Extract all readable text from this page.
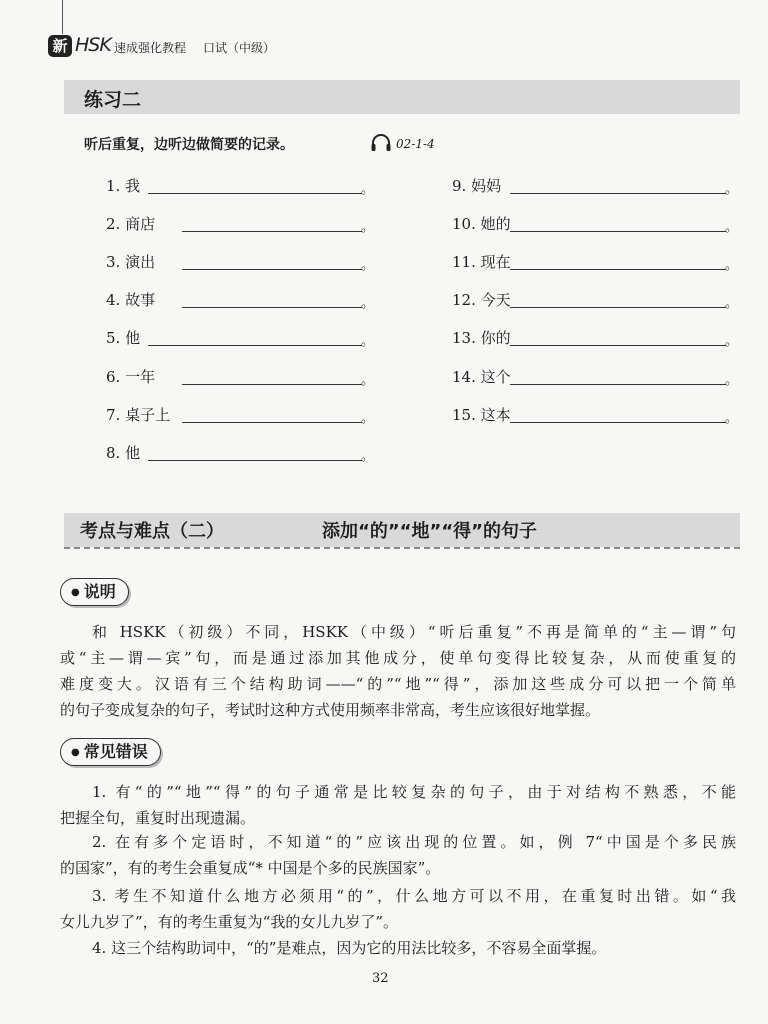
新 HSK 速成强化教程 口试（中级）
练习二
听后重复，边听边做简要的记录。	02-1-4
1. 我	。
2. 商店	。
3. 演出	。
4. 故事	。
5. 他	。
6. 一年	。
7. 桌子上	。
8. 他	。
9. 妈妈	。
10. 她的	。
11. 现在	。
12. 今天	。
13. 你的	。
14. 这个	。
15. 这本	。
考点与难点（二）	添加“的”“地”“得”的句子
● 说明
和 HSKK（初级）不同，HSKK（中级）“听后重复”不再是简单的“主—谓”句
或“主—谓—宾”句，而是通过添加其他成分，使单句变得比较复杂，从而使重复的
难度变大。汉语有三个结构助词——“的”“地”“得”，添加这些成分可以把一个简单
的句子变成复杂的句子，考试时这种方式使用频率非常高，考生应该很好地掌握。
● 常见错误
1. 有“的”“地”“得”的句子通常是比较复杂的句子，由于对结构不熟悉，不能
把握全句，重复时出现遗漏。
2. 在有多个定语时，不知道“的”应该出现的位置。如，例 7“中国是个多民族
的国家”，有的考生会重复成“* 中国是个多的民族国家”。
3. 考生不知道什么地方必须用“的”，什么地方可以不用，在重复时出错。如“我
女儿九岁了”，有的考生重复为“我的女儿九岁了”。
4. 这三个结构助词中，“的”是难点，因为它的用法比较多，不容易全面掌握。
32
